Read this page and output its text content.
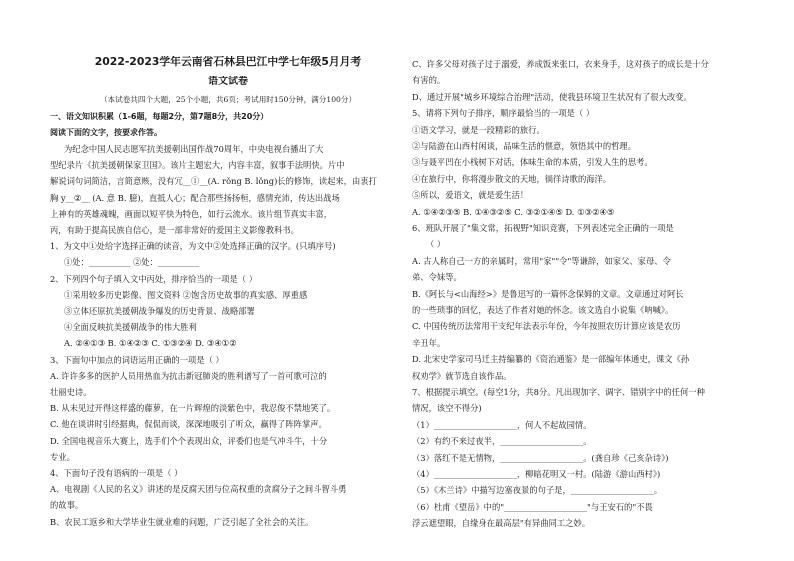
2022-2023学年云南省石林县巴江中学七年级5月月考
语文试卷
（本试卷共四个大题，25个小题，共6页；考试用时150分钟，满分100分）
一、语文知识积累（1-6题，每题2分，第7题8分，共20分）
阅读下面的文字，按要求作答。
为纪念中国人民志愿军抗美援朝出国作战70周年，中央电视台播出了大
型纪录片《抗美援朝保家卫国》。该片主题宏大，内容丰富，叙事手法明快。片中
解说词句词简洁，言简意赅，没有冗__①__(A. rǒng B. lǒng)长的修饰，读起来，由衷打
胸 y__②__ (A. 意 B. 臆)，直抵人心；配合那些扬扬桓，感情充沛，传达出战场
上神有的英雄魂魄，画面以短平快为特色，如行云流水。该片组节真实丰富，
丙，有助于提高民族自信心，是一部非常好的爱国主义影像教科书。
1、为文中①处给字选择正确的读音，为文中②处选择正确的汉字。(只填序号)
①处：__________ ②处：__________
2、下列四个句子填入文中丙处，排序恰当的一项是（ ）
①采用较多历史影像、图文资料 ②饱含历史故事的真实感、厚重感
③立体还原抗美援朝战争爆发的历史背景、战略部署
④全面反映抗美援朝战争的伟大胜利
A. ②④①③ B. ①④②③ C. ①③②④ D. ③④①②
3、下面句中加点的词语运用正确的一项是（ ）
A. 许许多多的医护人员用热血为抗击新冠肺炎的胜利谱写了一首可歌可泣的
壮丽史诗。
B. 从未见过开得这样盛的藤萝，在一片辉煌的淡紫色中，我忍俊不禁地笑了。
C. 他在谈讲时引经据典，侃侃而谈，深深地吸引了听众，赢得了阵阵掌声。
D. 全国电视音乐大赛上，选手们个个表现出众，评委们也是气冲斗牛，十分
专业。
4、下面句子没有语病的一项是（ ）
A、电视剧《人民的名义》讲述的是反腐天团与位高权重的贪腐分子之间斗智斗勇
的故事。
B、农民工返乡和大学毕业生就业难的问题，广泛引起了全社会的关注。
C、许多父母对孩子过于溺爱，养成饭来张口，衣来身手，这对孩子的成长是十分
有害的。
D、通过开展"城乡环境综合治理"活动，使我县环境卫生状况有了很大改变。
5、请将下列句子排序，顺序最恰当的一项是（ ）
①语文学习，就是一段精彩的旅行。
②与陆游在山西村闲谈，品味生活的惬意，领悟其中的哲理。
③与聂平凹在小栈树下对话，体味生命的本质，引发人生的思考。
④在旅行中，你将漫步散文的天地，徜徉诗歌的海洋。
⑤所以，爱语文，就是爱生活！
A. ①④②③⑤ B. ①④③②⑤ C. ③②①④⑤ D. ①③②④⑤
6、班队开展了"集文常，拓视野"知识竞赛，下列表述完全正确的一项是
（ ）
A. 古人称自己一方的亲属时，常用"家""令"等谦辞，如家父、家母、令
弟、令妹等。
B.《阿长与<山海经>》是鲁迅写的一篇怀念保姆的文章。文章通过对阿长
的一些琐事的回忆，表达了作者对她的怀念。该文选自小说集《呐喊》。
C. 中国传统历法常用干支纪年法表示年份，今年按照农历计算应该是农历
辛丑年。
D. 北宋史学家司马迁主持编纂的《资治通鉴》是一部编年体通史，课文《孙
权劝学》就节选自该作品。
7、根据提示填空。(每空1分，共8分。凡出现加字、调字、错别字中的任何一种
情况，该空不得分)
（1）____________________，何人不起故园情。
（2）有约不来过夜半，____________________。
（3）落红不是无情物，____________________。(龚自珍《己亥杂诗》)
（4）____________________，柳暗花明又一村。(陆游《游山西村》)
（5）《木兰诗》中描写边塞夜景的句子是，____________________。
（6）杜甫《望岳》中的"____________________"与王安石的"不畏
浮云遮望眼，自缘身在最高层"有异曲同工之妙。
